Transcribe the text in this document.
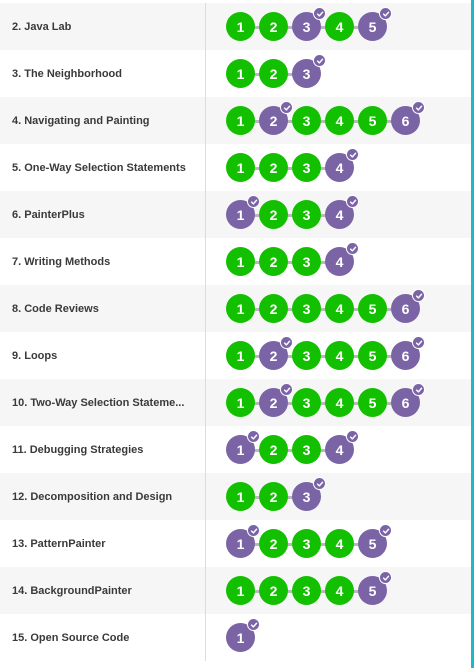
2. Java Lab	1 2 3 4 5
3. The Neighborhood	1 2 3
4. Navigating and Painting	1 2 3 4 5 6
5. One-Way Selection Statements	1 2 3 4
6. PainterPlus	1 2 3 4
7. Writing Methods	1 2 3 4
8. Code Reviews	1 2 3 4 5 6
9. Loops	1 2 3 4 5 6
10. Two-Way Selection Stateme...	1 2 3 4 5 6
11. Debugging Strategies	1 2 3 4
12. Decomposition and Design	1 2 3
13. PatternPainter	1 2 3 4 5
14. BackgroundPainter	1 2 3 4 5
15. Open Source Code	1
